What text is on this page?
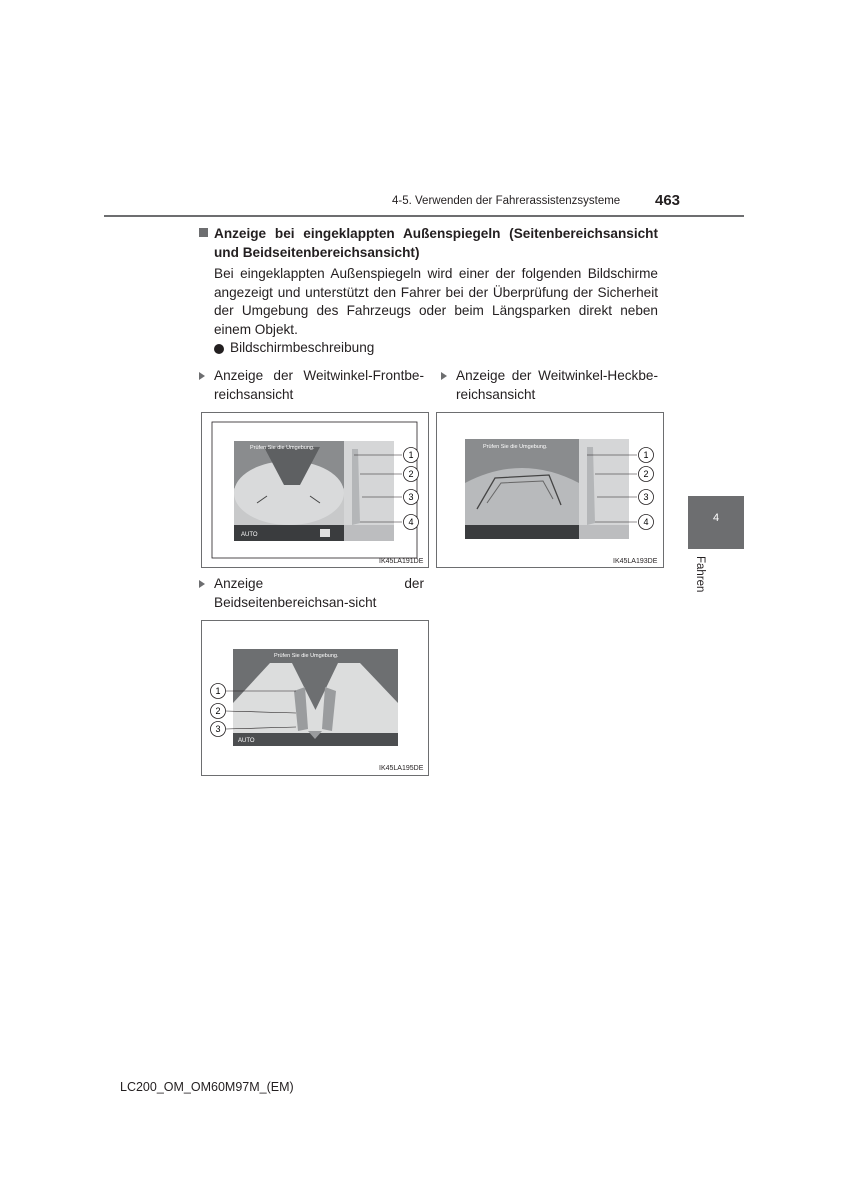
4-5. Verwenden der Fahrerassistenzsysteme 463
Anzeige bei eingeklappten Außenspiegeln (Seitenbereichsansicht und Beidseitenbereichsansicht)
Bei eingeklappten Außenspiegeln wird einer der folgenden Bildschirme angezeigt und unterstützt den Fahrer bei der Überprüfung der Sicherheit der Umgebung des Fahrzeugs oder beim Längsparken direkt neben einem Objekt.
Bildschirmbeschreibung
Anzeige der Weitwinkel-Frontbe-reichsansicht
Anzeige der Weitwinkel-Heckbe-reichsansicht
AUTO
Prüfen Sie die Umgebung.
1
2
3
4
IK45LA191DE
Prüfen Sie die Umgebung.
1
2
3
4
IK45LA193DE
Anzeige der Beidseitenbereichsan-sicht
AUTO
Prüfen Sie die Umgebung.
1
2
3
IK45LA195DE
4
Fahren
LC200_OM_OM60M97M_(EM)
